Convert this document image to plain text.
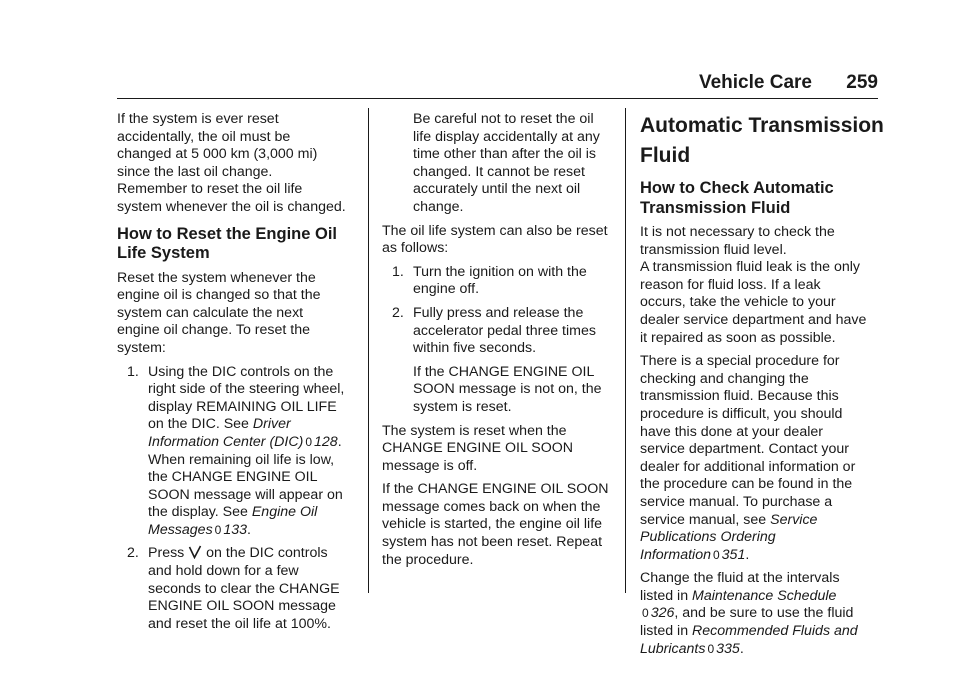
Vehicle Care 259

If the system is ever reset
accidentally, the oil must be
changed at 5 000 km (3,000 mi)
since the last oil change.
Remember to reset the oil life
system whenever the oil is changed.

How to Reset the Engine Oil
Life System

Reset the system whenever the
engine oil is changed so that the
system can calculate the next
engine oil change. To reset the
system:

1. Using the DIC controls on the
right side of the steering wheel,
display REMAINING OIL LIFE
on the DIC. See Driver
Information Center (DIC) 0 128.
When remaining oil life is low,
the CHANGE ENGINE OIL
SOON message will appear on
the display. See Engine Oil
Messages 0 133.
2. Press  on the DIC controls
and hold down for a few
seconds to clear the CHANGE
ENGINE OIL SOON message
and reset the oil life at 100%.
Be careful not to reset the oil
life display accidentally at any
time other than after the oil is
changed. It cannot be reset
accurately until the next oil
change.

The oil life system can also be reset
as follows:

1. Turn the ignition on with the
engine off.
2. Fully press and release the
accelerator pedal three times
within five seconds.
If the CHANGE ENGINE OIL
SOON message is not on, the
system is reset.

The system is reset when the
CHANGE ENGINE OIL SOON
message is off.

If the CHANGE ENGINE OIL SOON
message comes back on when the
vehicle is started, the engine oil life
system has not been reset. Repeat
the procedure.

Automatic Transmission
Fluid
How to Check Automatic
Transmission Fluid

It is not necessary to check the
transmission fluid level.
A transmission fluid leak is the only
reason for fluid loss. If a leak
occurs, take the vehicle to your
dealer service department and have
it repaired as soon as possible.

There is a special procedure for
checking and changing the
transmission fluid. Because this
procedure is difficult, you should
have this done at your dealer
service department. Contact your
dealer for additional information or
the procedure can be found in the
service manual. To purchase a
service manual, see Service
Publications Ordering
Information 0 351.

Change the fluid at the intervals
listed in Maintenance Schedule
0 326, and be sure to use the fluid
listed in Recommended Fluids and
Lubricants 0 335.
